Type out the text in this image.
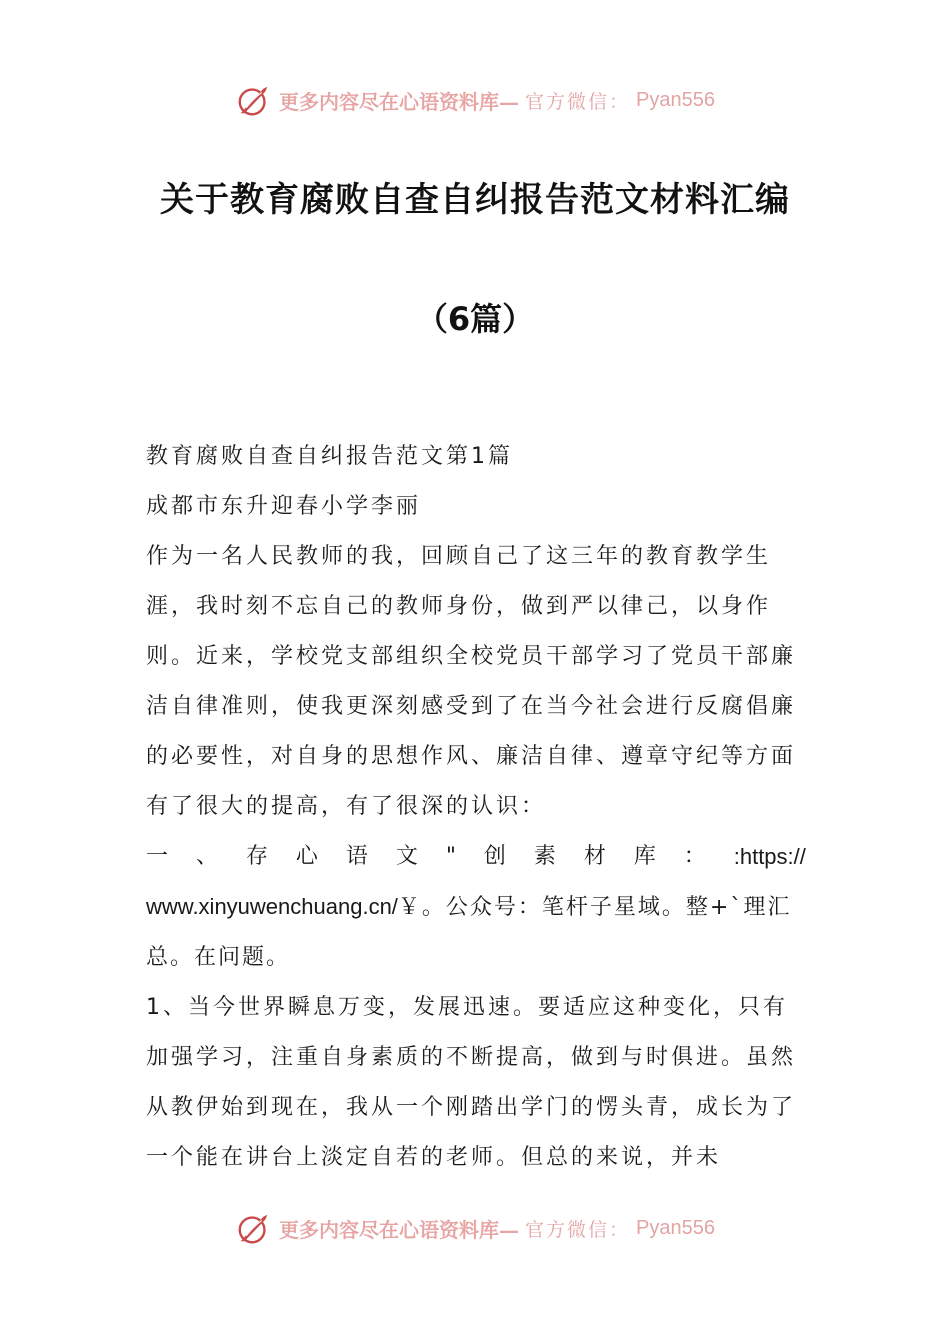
更多内容尽在心语资料库— 官方微信： Pyan556
关于教育腐败自查自纠报告范文材料汇编
（6篇）

教育腐败自查自纠报告范文第1篇

成都市东升迎春小学李丽

作为一名人民教师的我，回顾自己了这三年的教育教学生涯，我时刻不忘自己的教师身份，做到严以律己，以身作则。近来，学校党支部组织全校党员干部学习了党员干部廉洁自律准则，使我更深刻感受到了在当今社会进行反腐倡廉的必要性，对自身的思想作风、廉洁自律、遵章守纪等方面有了很大的提高，有了很深的认识：

一 、 存 心 语 文 " 创 素 材 库 ： :https://

www.xinyuwenchuang.cn/￥。公众号：笔杆子星域。整+`理汇总。在问题。

1、当今世界瞬息万变，发展迅速。要适应这种变化，只有加强学习，注重自身素质的不断提高，做到与时俱进。虽然从教伊始到现在，我从一个刚踏出学门的愣头青，成长为了一个能在讲台上淡定自若的老师。但总的来说，并未

更多内容尽在心语资料库— 官方微信： Pyan556
